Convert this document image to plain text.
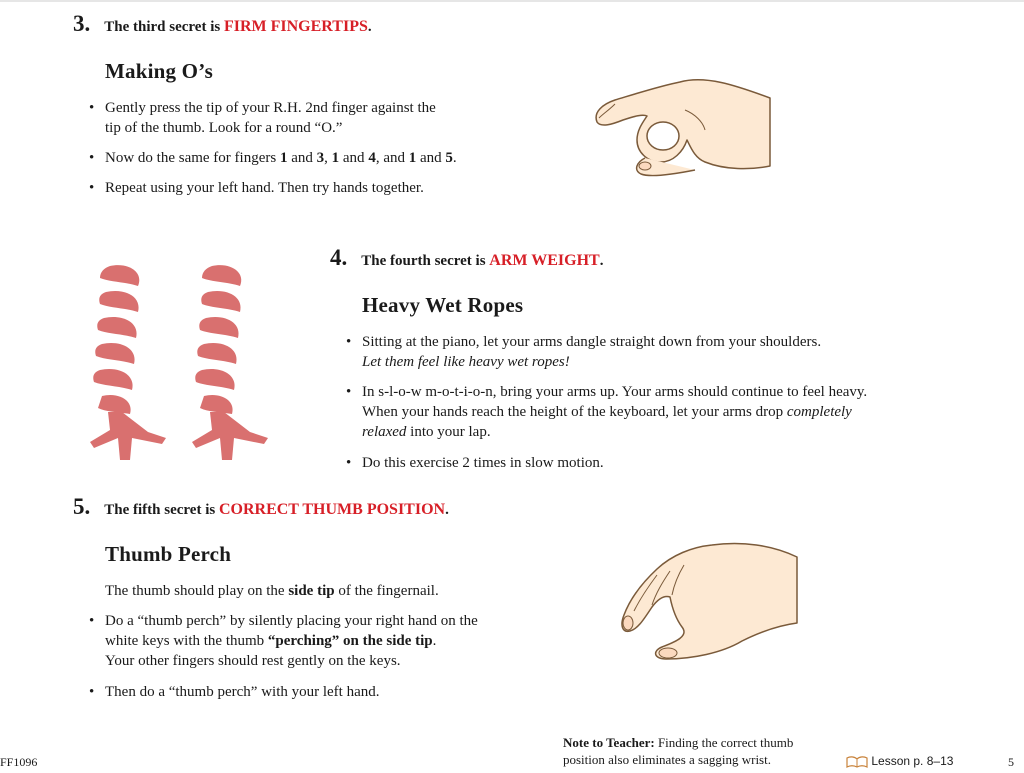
3. The third secret is FIRM FINGERTIPS.
Making O’s
• Gently press the tip of your R.H. 2nd finger against the
tip of the thumb. Look for a round “O.”
• Now do the same for fingers 1 and 3, 1 and 4, and 1 and 5.
• Repeat using your left hand. Then try hands together.
4. The fourth secret is ARM WEIGHT.
Heavy Wet Ropes
• Sitting at the piano, let your arms dangle straight down from your shoulders.
Let them feel like heavy wet ropes!
• In s-l-o-w m-o-t-i-o-n, bring your arms up. Your arms should continue to feel heavy.
When your hands reach the height of the keyboard, let your arms drop completely
relaxed into your lap.
• Do this exercise 2 times in slow motion.
5. The fifth secret is CORRECT THUMB POSITION.
Thumb Perch
The thumb should play on the side tip of the fingernail.
• Do a “thumb perch” by silently placing your right hand on the
white keys with the thumb “perching” on the side tip.
Your other fingers should rest gently on the keys.
• Then do a “thumb perch” with your left hand.
FF1096
Note to Teacher: Finding the correct thumb
position also eliminates a sagging wrist.	Lesson p. 8–13	5
